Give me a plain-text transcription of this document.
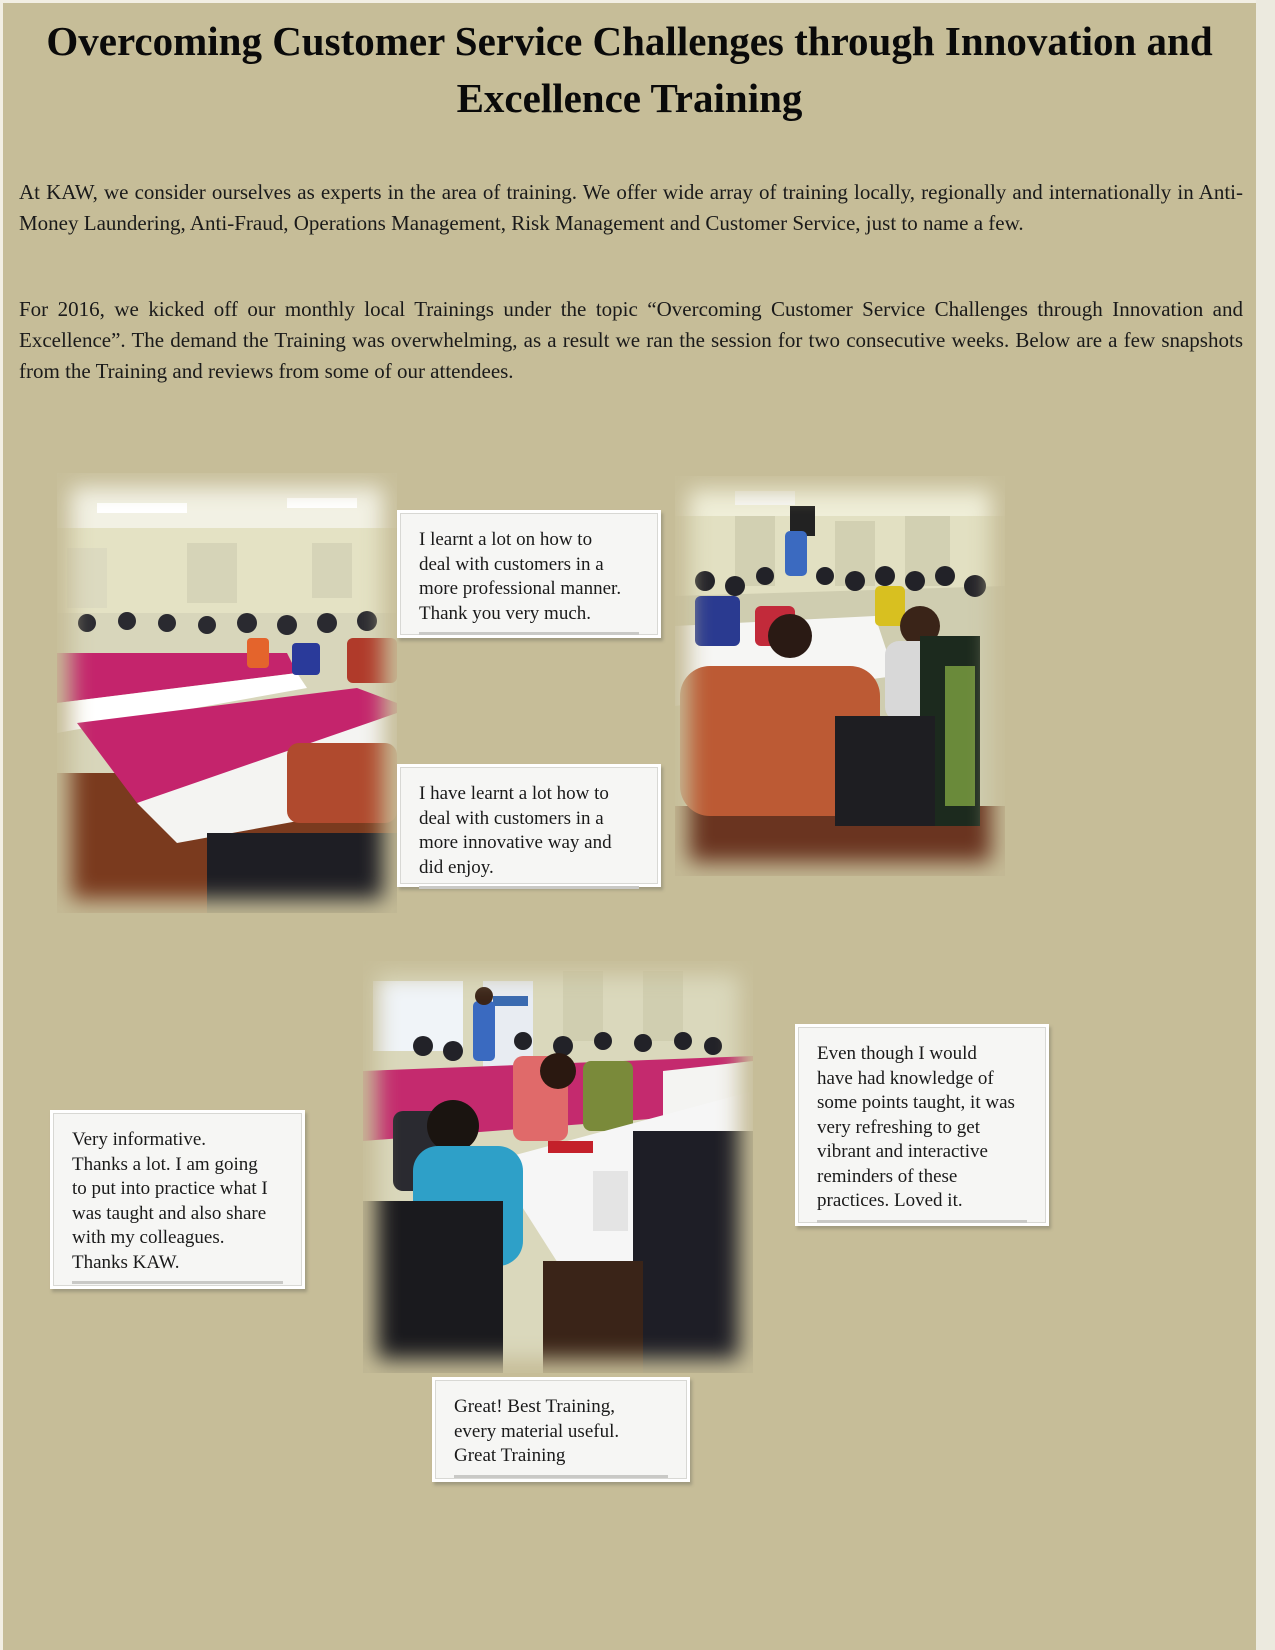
Overcoming Customer Service Challenges through Innovation and Excellence Training

At KAW, we consider ourselves as experts in the area of training. We offer wide array of training locally, regionally and internationally in Anti-Money Laundering, Anti-Fraud, Operations Management, Risk Management and Customer Service, just to name a few.

For 2016, we kicked off our monthly local Trainings under the topic “Overcoming Customer Service Challenges through Innovation and Excellence”. The demand the Training was overwhelming, as a result we ran the session for two consecutive weeks. Below are a few snapshots from the Training and reviews from some of our attendees.

I learnt a lot on how to
deal with customers in a
more professional manner.
Thank you very much.
I have learnt a lot how to
deal with customers in a
more innovative way and
did enjoy.
Even though I would
have had knowledge of
some points taught, it was
very refreshing to get
vibrant and interactive
reminders of these
practices. Loved it.
Very informative.
Thanks a lot. I am going
to put into practice what I
was taught and also share
with my colleagues.
Thanks KAW.
Great! Best Training,
every material useful.
Great Training
